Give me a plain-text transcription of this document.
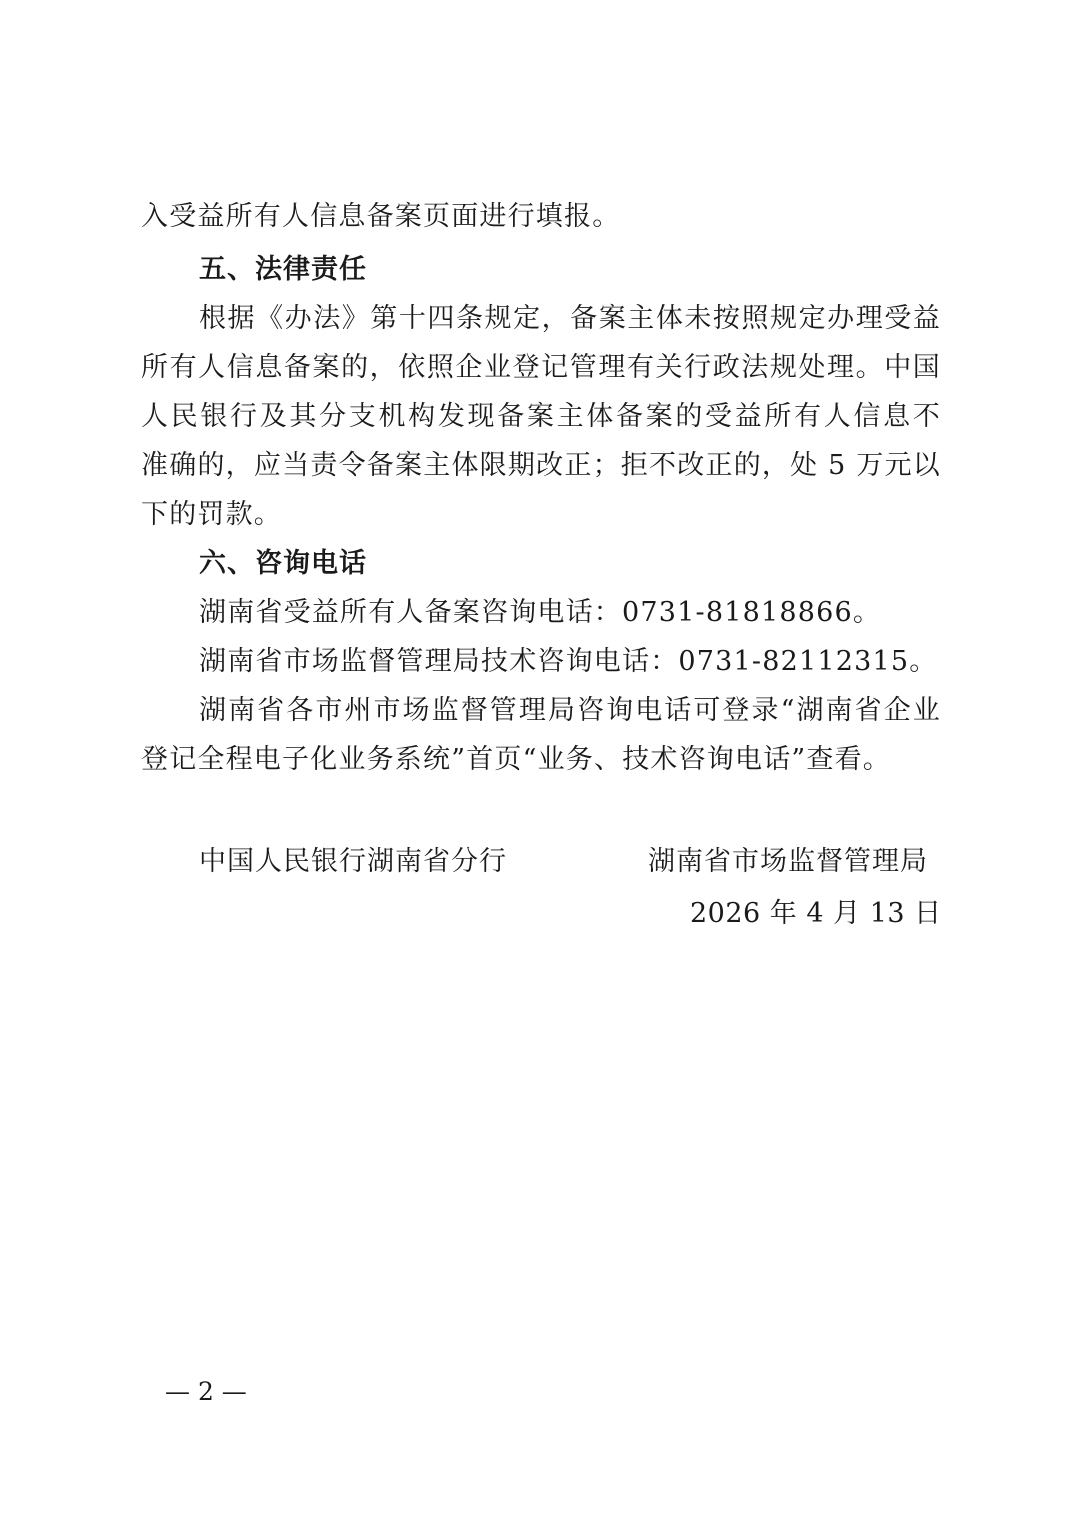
入受益所有人信息备案页面进行填报。
五、法律责任
根据《办法》第十四条规定，备案主体未按照规定办理受益
所有人信息备案的，依照企业登记管理有关行政法规处理。中国
人民银行及其分支机构发现备案主体备案的受益所有人信息不
准确的，应当责令备案主体限期改正；拒不改正的，处 5 万元以
下的罚款。
六、咨询电话
湖南省受益所有人备案咨询电话：0731-81818866。
湖南省市场监督管理局技术咨询电话：0731-82112315。
湖南省各市州市场监督管理局咨询电话可登录“湖南省企业
登记全程电子化业务系统”首页“业务、技术咨询电话”查看。
中国人民银行湖南省分行	湖南省市场监督管理局
2026 年 4 月 13 日
— 2 —
